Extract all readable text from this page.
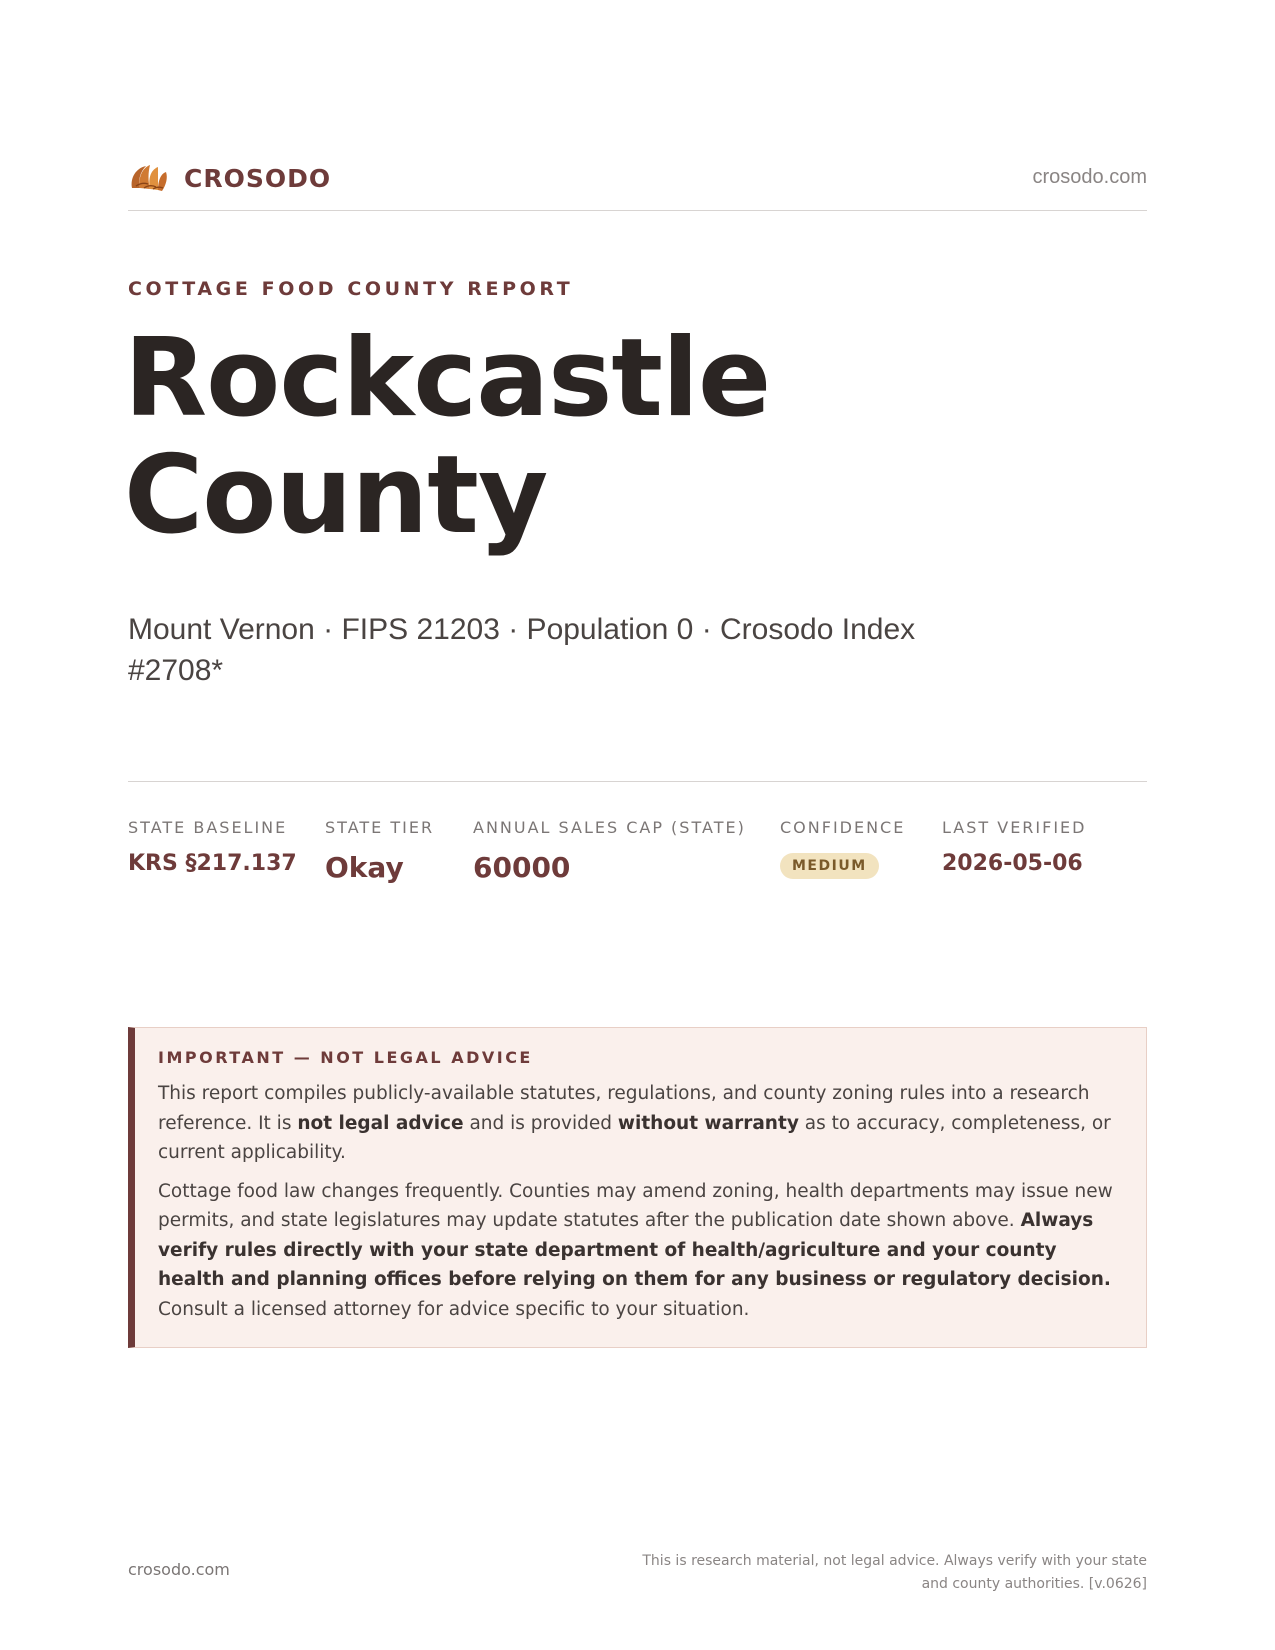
CROSODO	crosodo.com
COTTAGE FOOD COUNTY REPORT
Rockcastle
County
Mount Vernon · FIPS 21203 · Population 0 · Crosodo Index #2708*
STATE BASELINE
KRS §217.137
STATE TIER
Okay
ANNUAL SALES CAP (STATE)
60000
CONFIDENCE
MEDIUM
LAST VERIFIED
2026-05-06
IMPORTANT — NOT LEGAL ADVICE

This report compiles publicly-available statutes, regulations, and county zoning rules into a research reference. It is not legal advice and is provided without warranty as to accuracy, completeness, or current applicability.

Cottage food law changes frequently. Counties may amend zoning, health departments may issue new permits, and state legislatures may update statutes after the publication date shown above. Always verify rules directly with your state department of health/agriculture and your county health and planning offices before relying on them for any business or regulatory decision. Consult a licensed attorney for advice specific to your situation.

crosodo.com	This is research material, not legal advice. Always verify with your state
and county authorities. [v.0626]
